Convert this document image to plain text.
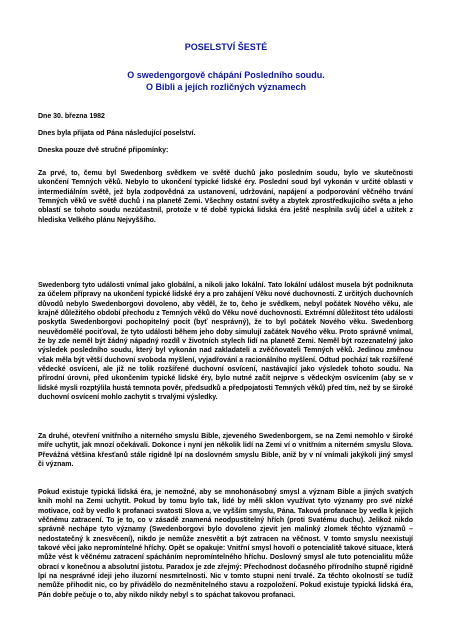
POSELSTVÍ ŠESTÉ
O swedengorgově chápání Posledního soudu.
O Bibli a jejích rozličných významech
Dne 30. března 1982
Dnes byla přijata od Pána následující poselství.
Dneska pouze dvě stručné připomínky:
Za prvé, to, čemu byl Swedenborg svědkem ve světě duchů jako posledním soudu, bylo ve skutečnosti ukončení Temných věků. Nebylo to ukončení typické lidské éry. Poslední soud byl vykonán v určité oblasti v intermediálním světě, jež byla zodpovědná za ustanovení, udržování, napájení a podporování věčného trvání Temných věků ve světě duchů i na planetě Zemi. Všechny ostatní světy a zbytek zprostředkujícího světa a jeho oblastí se tohoto soudu nezúčastnil, protože v té době typická lidská éra ještě nesplnila svůj účel a užitek z hlediska Velkého plánu Nejvyššího.
Swedenborg tyto události vnímal jako globální, a nikoli jako lokální. Tato lokální událost musela být podniknuta za účelem přípravy na ukončení typické lidské éry a pro zahájení Věku nové duchovnosti. Z určitých duchovních důvodů nebylo Swedenborgovi dovoleno, aby věděl, že to, čeho je svědkem, nebyl počátek Nového věku, ale krajně důležitého období přechodu z Temných věků do Věku nové duchovnosti. Extrémní důležitost této události poskytla Swedenborgovi pochopitelný pocit (byť nesprávný), že to byl počátek Nového věku. Swedenborg neuvědomělé pociťoval, že tyto události během jeho doby simulují začátek Nového věku. Proto správně vnímal, že by zde neměl být žádný nápadný rozdíl v životních stylech lidí na planetě Zemi. Neměl být rozeznatelný jako výsledek posledního soudu, který byl vykonán nad zakladateli a zvěčňovateli Temných věků. Jedinou změnou však měla být větší duchovní svoboda myšlení, vyjadřování a racionálního myšlení. Odtud pochází tak rozšířené vědecké osvícení, ale již ne tolik rozšířené duchovní osvícení, nastávající jako výsledek tohoto soudu. Na přírodní úrovni, před ukončením typické lidské éry, bylo nutné začít nejprve s vědeckým osvícením (aby se v lidské mysli rozptýlila hustá temnota pověr, předsudků a předpojatosti Temných věků) před tím, než by se široké duchovní osvícení mohlo zachytit s trvalými výsledky.
Za druhé, otevření vnitřního a niterného smyslu Bible, zjeveného Swedenborgem, se na Zemi nemohlo v široké míře uchytit, jak mnozí očekávali. Dokonce i nyní jen několik lidí na Zemi ví o vnitřním a niterném smyslu Slova. Převážná většina křesťanů stále rigidně lpí na doslovném smyslu Bible, aniž by v ní vnímali jakýkoli jiný smysl či význam.
Pokud existuje typická lidská éra, je nemožné, aby se mnohonásobný smysl a význam Bible a jiných svatých knih mohl na Zemi uchytit. Pokud by tomu bylo tak, lidé by měli sklon využívat tyto významy pro své nízké motivace, což by vedlo k profanaci svatosti Slova a, ve vyšším smyslu, Pána. Taková profanace by vedla k jejich věčnému zatracení. To je to, co v zásadě znamená neodpustitelný hřích (proti Svatému duchu). Jelikož nikdo správně nechápe tyto významy (Swedenborgovi bylo dovoleno zjevit jen malinký zlomek těchto významů – nedostatečný k znesvěcení), nikdo je nemůže znesvětit a být zatracen na věčnost. V tomto smyslu neexistují takové věci jako nepromíntelné hříchy. Opět se opakuje: Vnitřní smysl hovoří o potencialitě takové situace, která může vést k věčnému zatracení spácháním nepromíntelného hříchu. Doslovný smysl ale tuto potencialitu může obrací v konečnou a absolutní jistotu. Paradox je zde zřejmý: Přechodnost dočasného přírodního stupně rigidně lpí na nesprávné ideji jeho iluzorní nesmrtelnosti. Nic v tomto stupni není trvalé. Za těchto okolností se tudíž nemůže přihodit nic, co by přivádělo do nezměnitelného stavu a rozpoložení. Pokud existuje typická lidská éra, Pán dobře pečuje o to, aby nikdo nikdy nebyl s to spáchat takovou profanaci.
